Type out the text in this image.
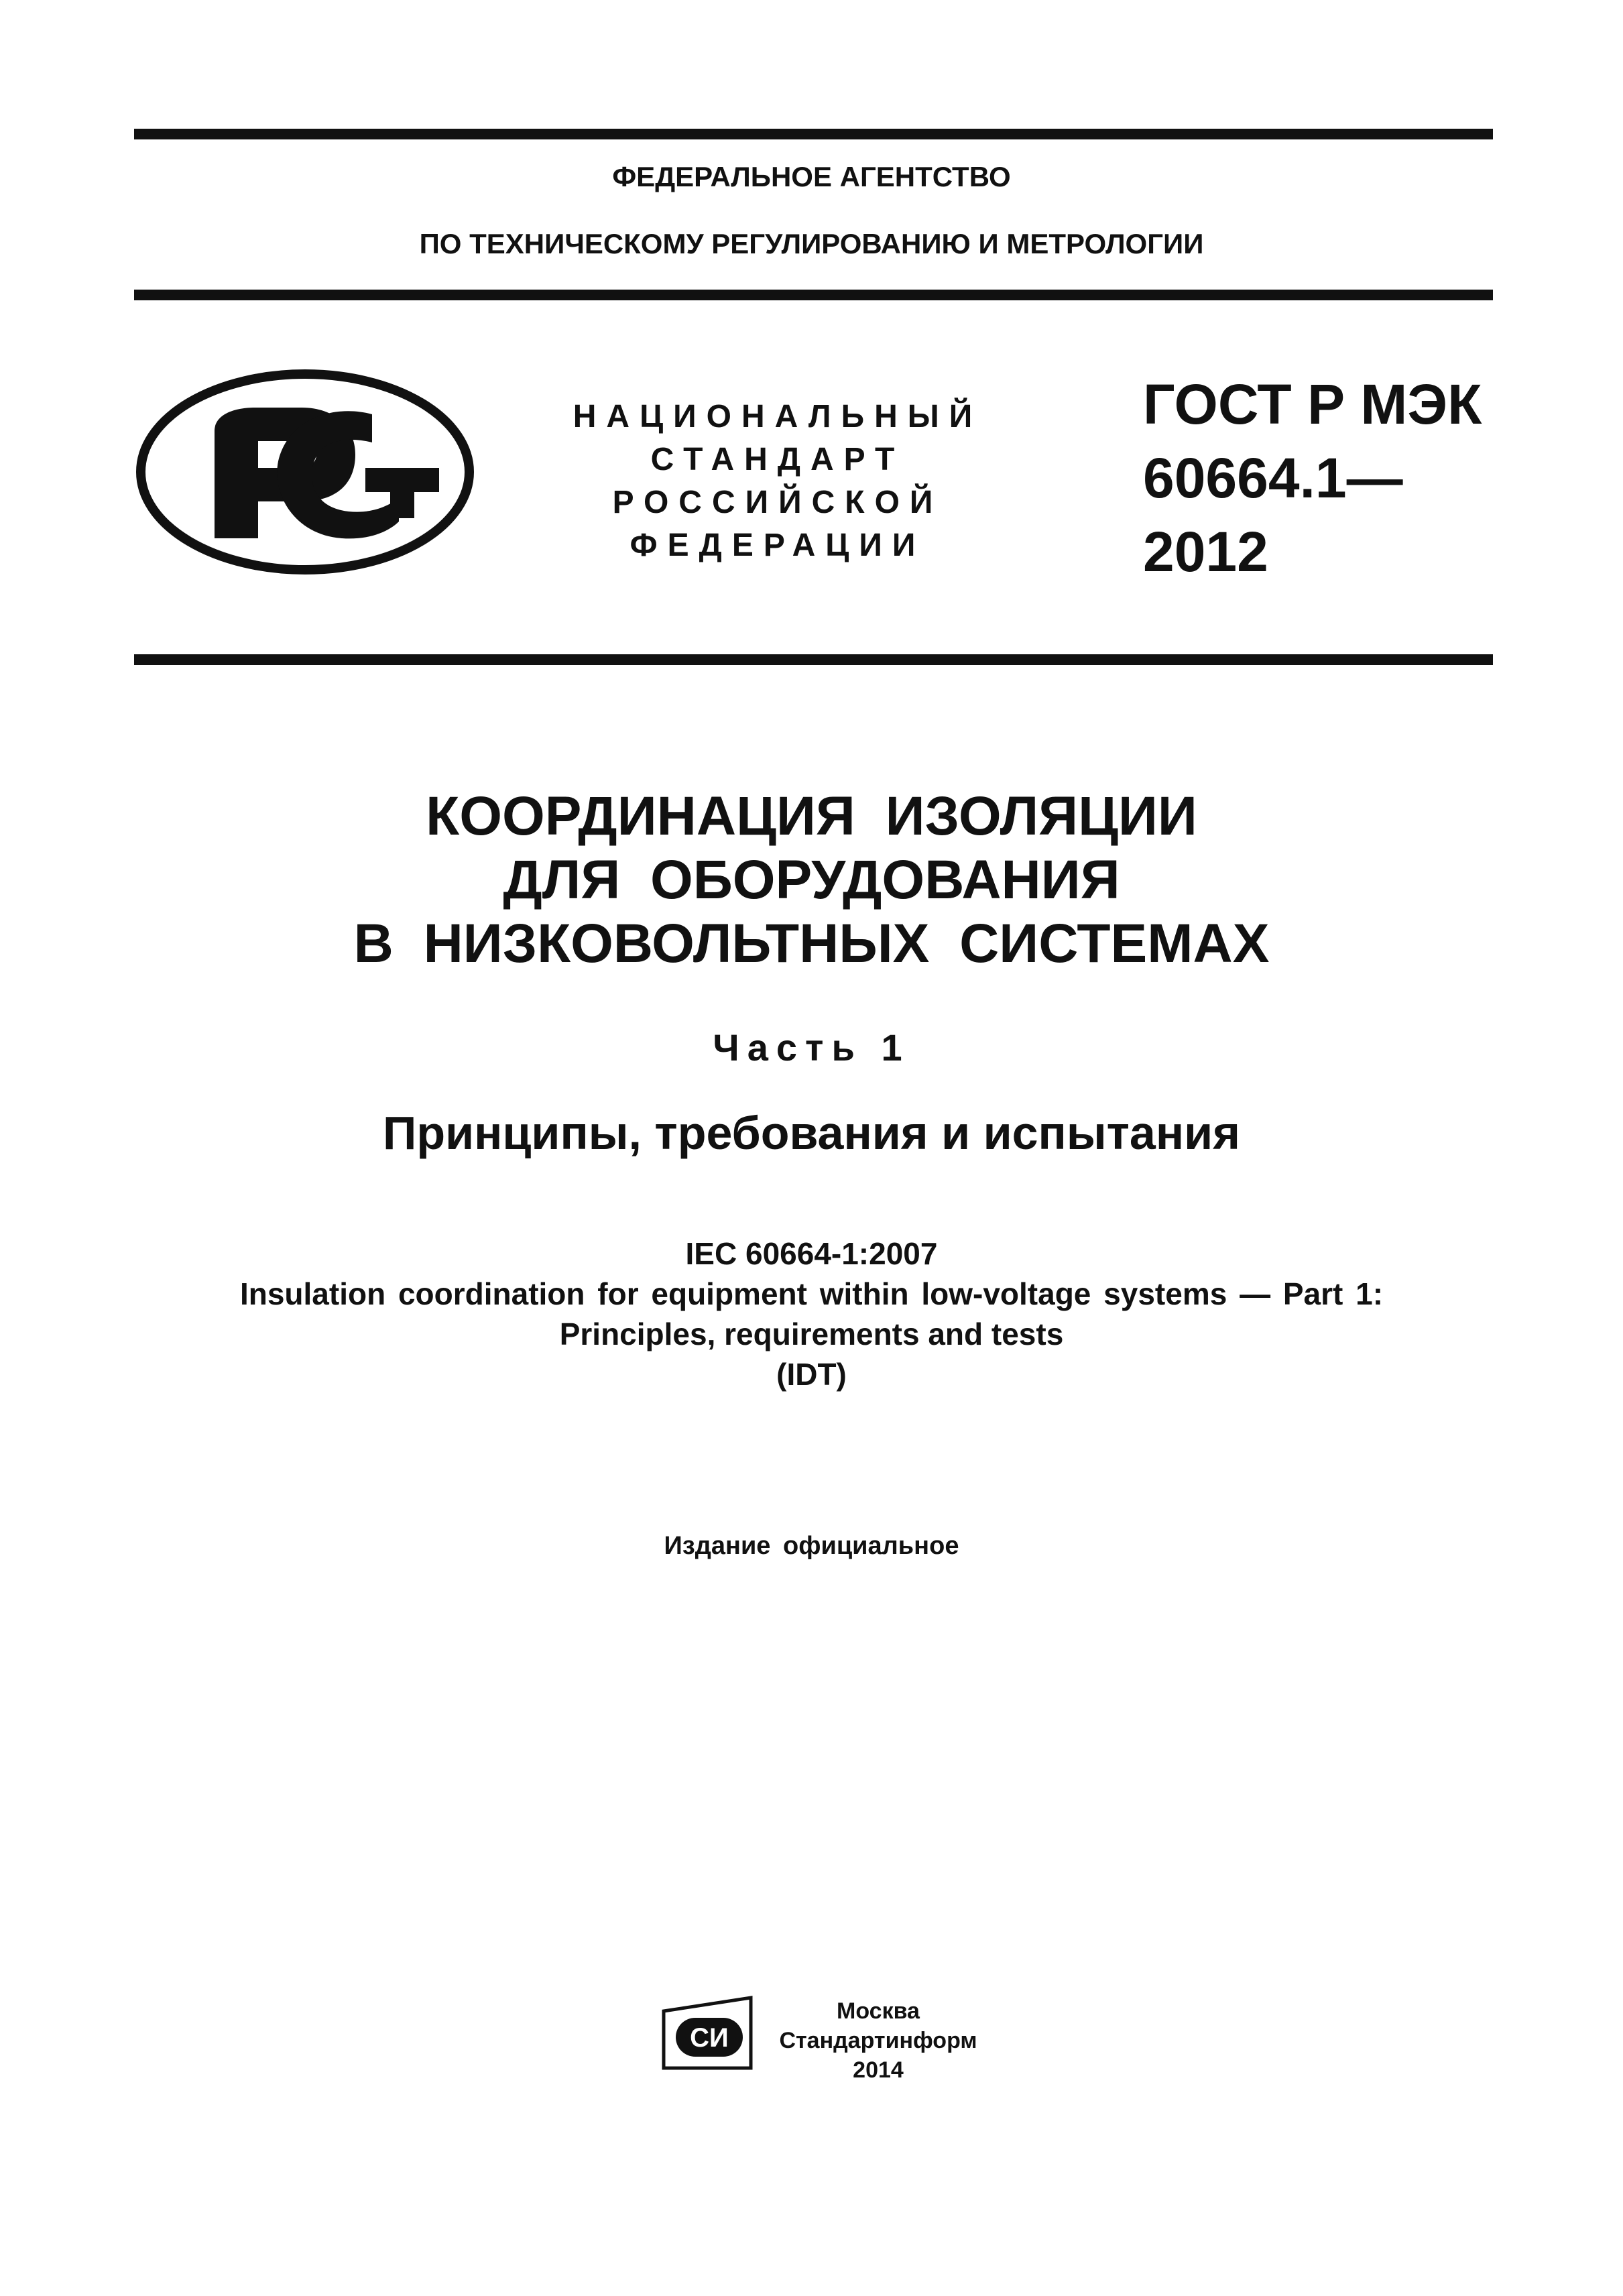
ФЕДЕРАЛЬНОЕ АГЕНТСТВО
ПО ТЕХНИЧЕСКОМУ РЕГУЛИРОВАНИЮ И МЕТРОЛОГИИ
НАЦИОНАЛЬНЫЙ
СТАНДАРТ
РОССИЙСКОЙ
ФЕДЕРАЦИИ
ГОСТ Р МЭК
60664.1—
2012
КООРДИНАЦИЯ ИЗОЛЯЦИИ
ДЛЯ ОБОРУДОВАНИЯ
В НИЗКОВОЛЬТНЫХ СИСТЕМАХ
Часть 1
Принципы, требования и испытания
IEC 60664-1:2007
Insulation coordination for equipment within low-voltage systems — Part 1:
Principles, requirements and tests
(IDT)
Издание официальное
СИ
Москва
Стандартинформ
2014
